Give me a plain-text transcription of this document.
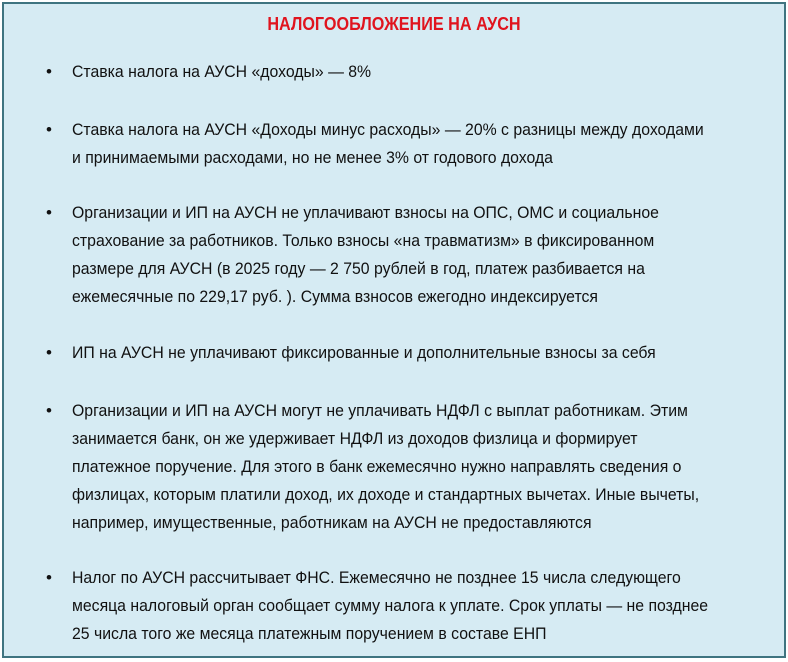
НАЛОГООБЛОЖЕНИЕ НА АУСН
• Ставка налога на АУСН «доходы» — 8%
• Ставка налога на АУСН «Доходы минус расходы» — 20% с разницы между доходами
и принимаемыми расходами, но не менее 3% от годового дохода
• Организации и ИП на АУСН не уплачивают взносы на ОПС, ОМС и социальное
страхование за работников. Только взносы «на травматизм» в фиксированном
размере для АУСН (в 2025 году — 2 750 рублей в год, платеж разбивается на
ежемесячные по 229,17 руб. ). Сумма взносов ежегодно индексируется
• ИП на АУСН не уплачивают фиксированные и дополнительные взносы за себя
• Организации и ИП на АУСН могут не уплачивать НДФЛ с выплат работникам. Этим
занимается банк, он же удерживает НДФЛ из доходов физлица и формирует
платежное поручение. Для этого в банк ежемесячно нужно направлять сведения о
физлицах, которым платили доход, их доходе и стандартных вычетах. Иные вычеты,
например, имущественные, работникам на АУСН не предоставляются
• Налог по АУСН рассчитывает ФНС. Ежемесячно не позднее 15 числа следующего
месяца налоговый орган сообщает сумму налога к уплате. Срок уплаты — не позднее
25 числа того же месяца платежным поручением в составе ЕНП
